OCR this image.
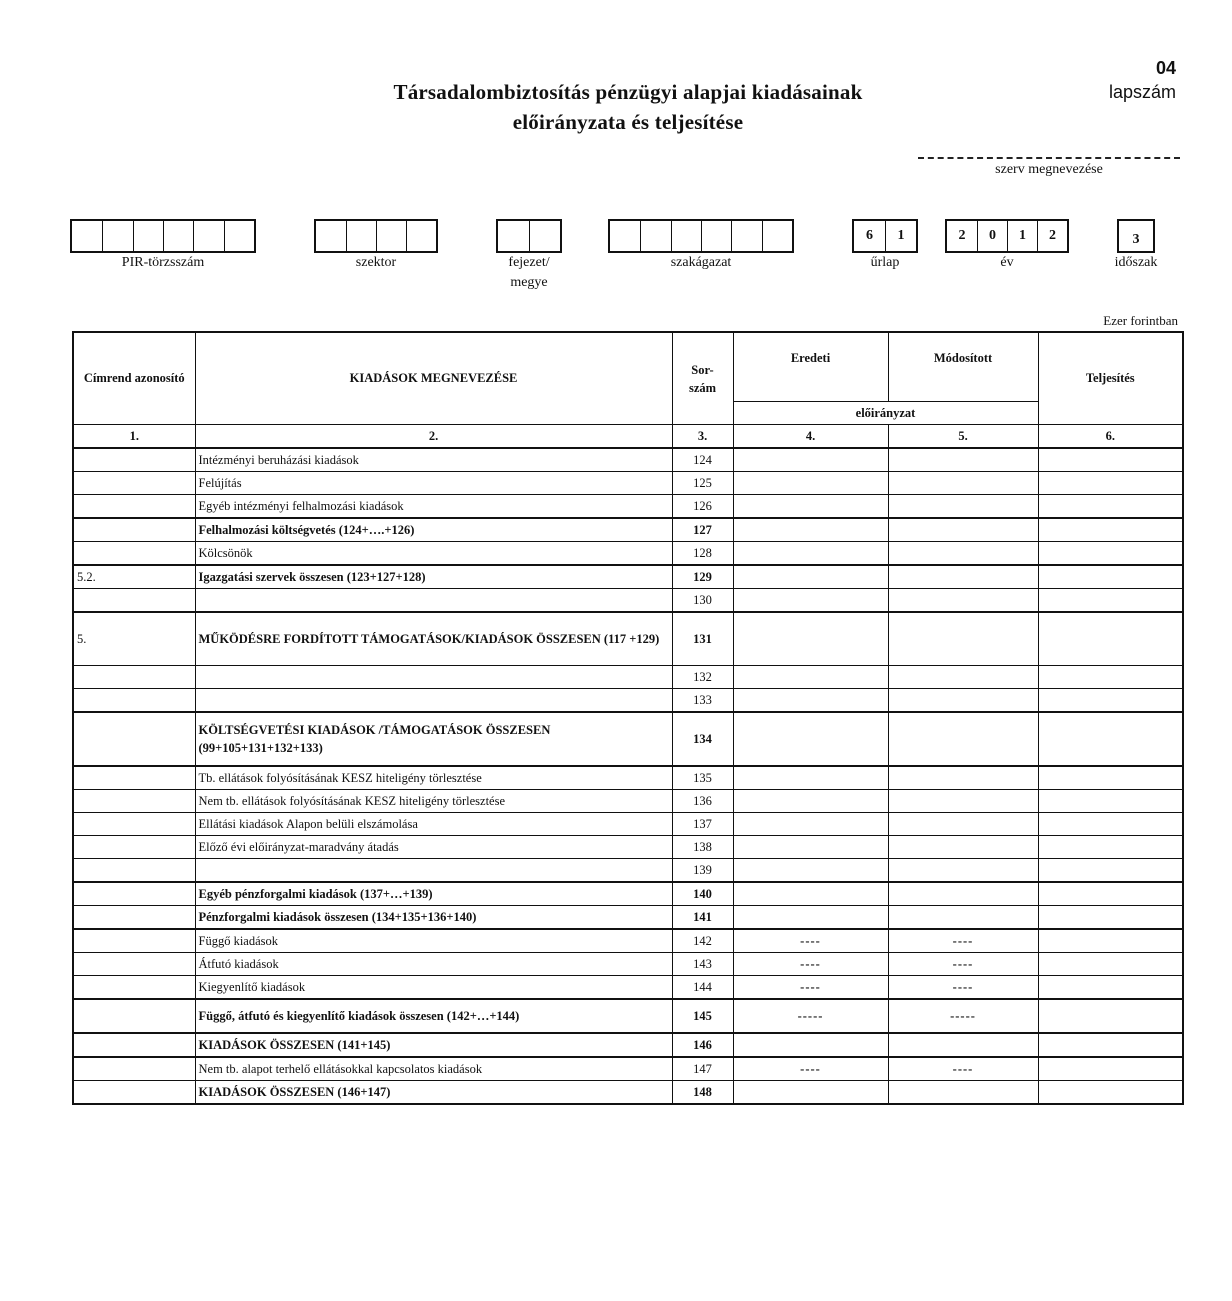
04
lapszám
Társadalombiztosítás pénzügyi alapjai kiadásainak
előirányzata és teljesítése
szerv megnevezése
PIR-törzsszám	szektor	fejezet/
megye
szakágazat
6	1
űrlap
2	0	1	2
év
3
időszak
Ezer forintban
Címrend azonosító	KIADÁSOK MEGNEVEZÉSE	Sor-
szám	Eredeti	Módosított	Teljesítés
			előirányzat		
1.	2.	3.	4.	5.	6.
	Intézményi beruházási kiadások	124			
	Felújítás	125			
	Egyéb intézményi felhalmozási kiadások	126			
	Felhalmozási költségvetés (124+….+126)	127			
	Kölcsönök	128			
5.2.	Igazgatási szervek összesen (123+127+128)	129			
		130			
5.	MŰKÖDÉSRE FORDÍTOTT TÁMOGATÁSOK/KIADÁSOK ÖSSZESEN (117 +129)	131			
		132			
		133			
	KÖLTSÉGVETÉSI KIADÁSOK /TÁMOGATÁSOK ÖSSZESEN (99+105+131+132+133)	134			
	Tb. ellátások folyósításának KESZ hiteligény törlesztése	135			
	Nem tb. ellátások folyósításának KESZ hiteligény törlesztése	136			
	Ellátási kiadások Alapon belüli elszámolása	137			
	Előző évi előirányzat-maradvány átadás	138			
		139			
	Egyéb pénzforgalmi kiadások (137+…+139)	140			
	Pénzforgalmi kiadások összesen (134+135+136+140)	141			
	Függő kiadások	142	----	----	
	Átfutó kiadások	143	----	----	
	Kiegyenlítő kiadások	144	----	----	
	Függő, átfutó és kiegyenlítő kiadások összesen (142+…+144)	145	-----	-----	
	KIADÁSOK ÖSSZESEN (141+145)	146			
	Nem tb. alapot terhelő ellátásokkal kapcsolatos kiadások	147	----	----	
	KIADÁSOK ÖSSZESEN (146+147)	148			
